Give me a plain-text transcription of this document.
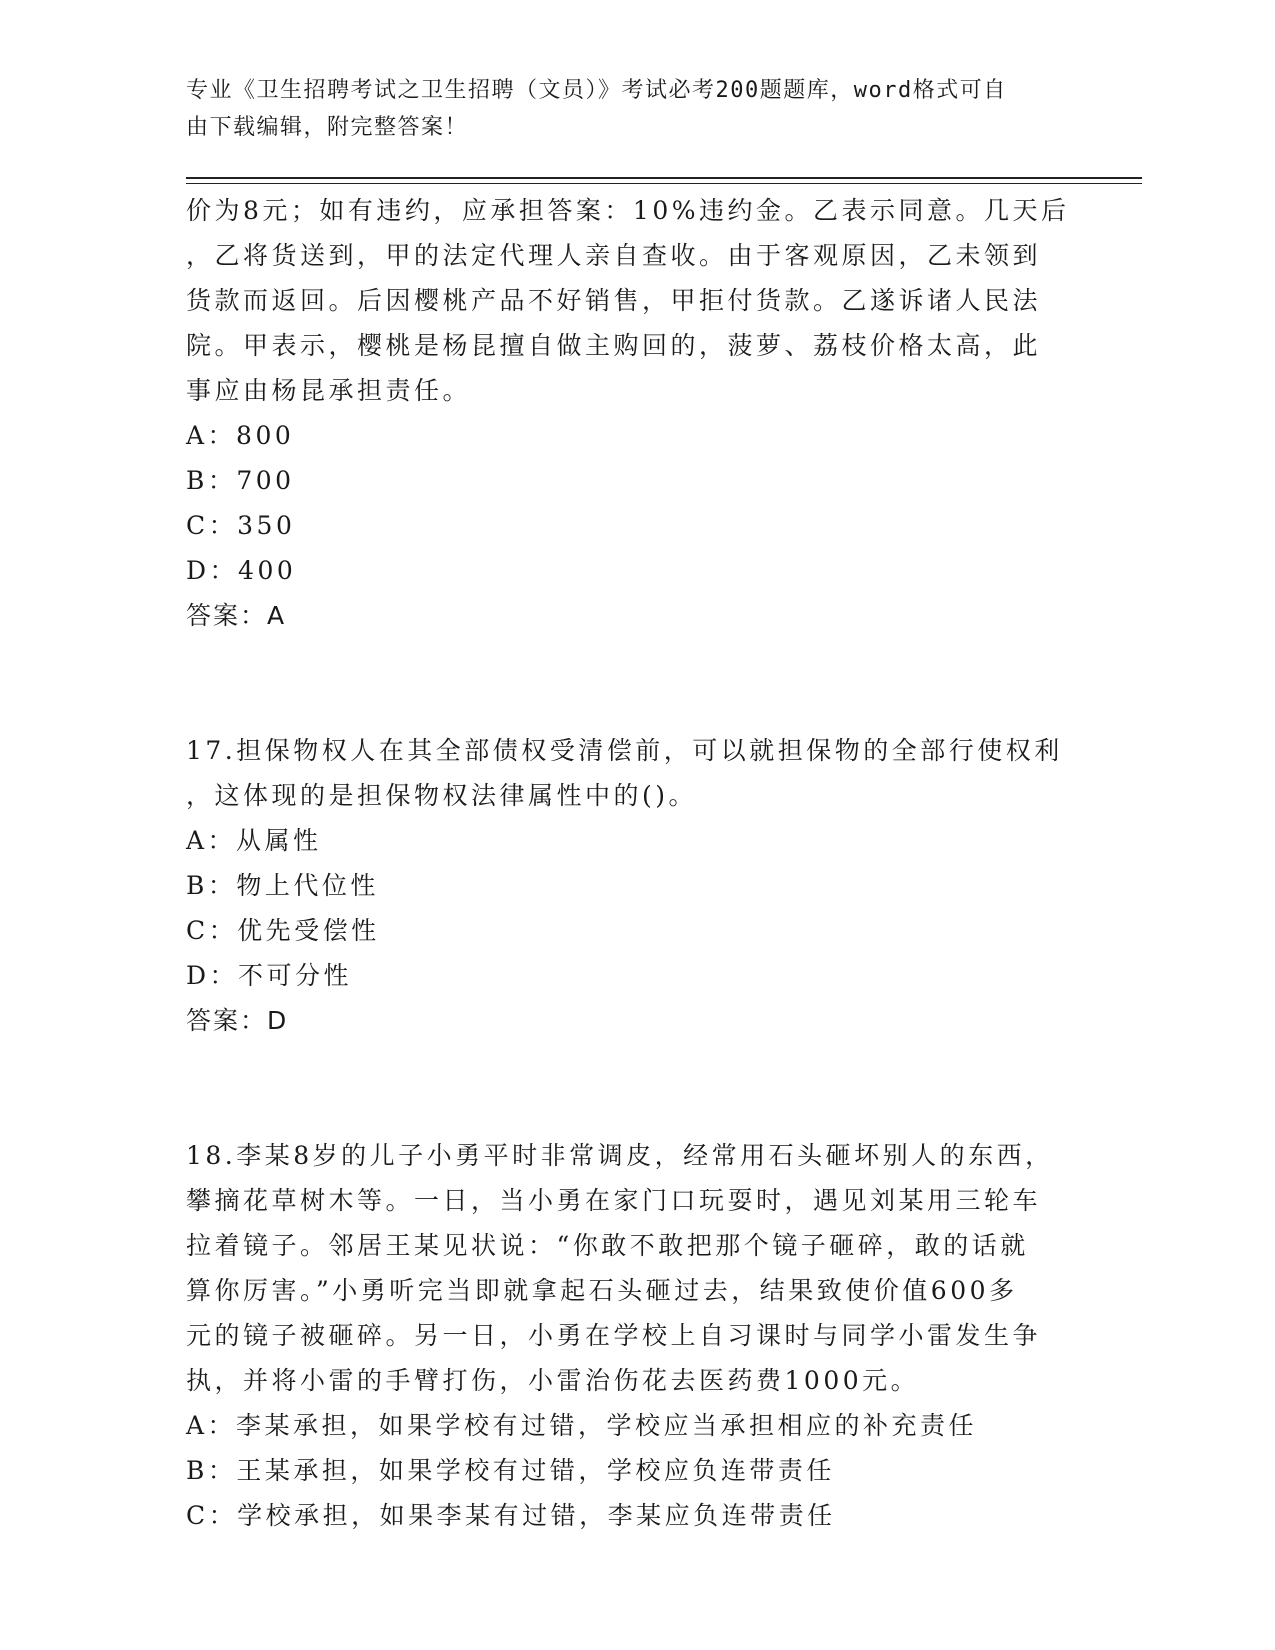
专业《卫生招聘考试之卫生招聘（文员）》考试必考200题题库，word格式可自
由下载编辑，附完整答案！
价为8元；如有违约，应承担答案：10%违约金。乙表示同意。几天后
，乙将货送到，甲的法定代理人亲自查收。由于客观原因，乙未领到
货款而返回。后因樱桃产品不好销售，甲拒付货款。乙遂诉诸人民法
院。甲表示，樱桃是杨昆擅自做主购回的，菠萝、荔枝价格太高，此
事应由杨昆承担责任。
A：800
B：700
C：350
D：400
答案：A
17.担保物权人在其全部债权受清偿前，可以就担保物的全部行使权利
，这体现的是担保物权法律属性中的()。
A：从属性
B：物上代位性
C：优先受偿性
D：不可分性
答案：D
18.李某8岁的儿子小勇平时非常调皮，经常用石头砸坏别人的东西，
攀摘花草树木等。一日，当小勇在家门口玩耍时，遇见刘某用三轮车
拉着镜子。邻居王某见状说：“你敢不敢把那个镜子砸碎，敢的话就
算你厉害。”小勇听完当即就拿起石头砸过去，结果致使价值600多
元的镜子被砸碎。另一日，小勇在学校上自习课时与同学小雷发生争
执，并将小雷的手臂打伤，小雷治伤花去医药费1000元。
A：李某承担，如果学校有过错，学校应当承担相应的补充责任
B：王某承担，如果学校有过错，学校应负连带责任
C：学校承担，如果李某有过错，李某应负连带责任
